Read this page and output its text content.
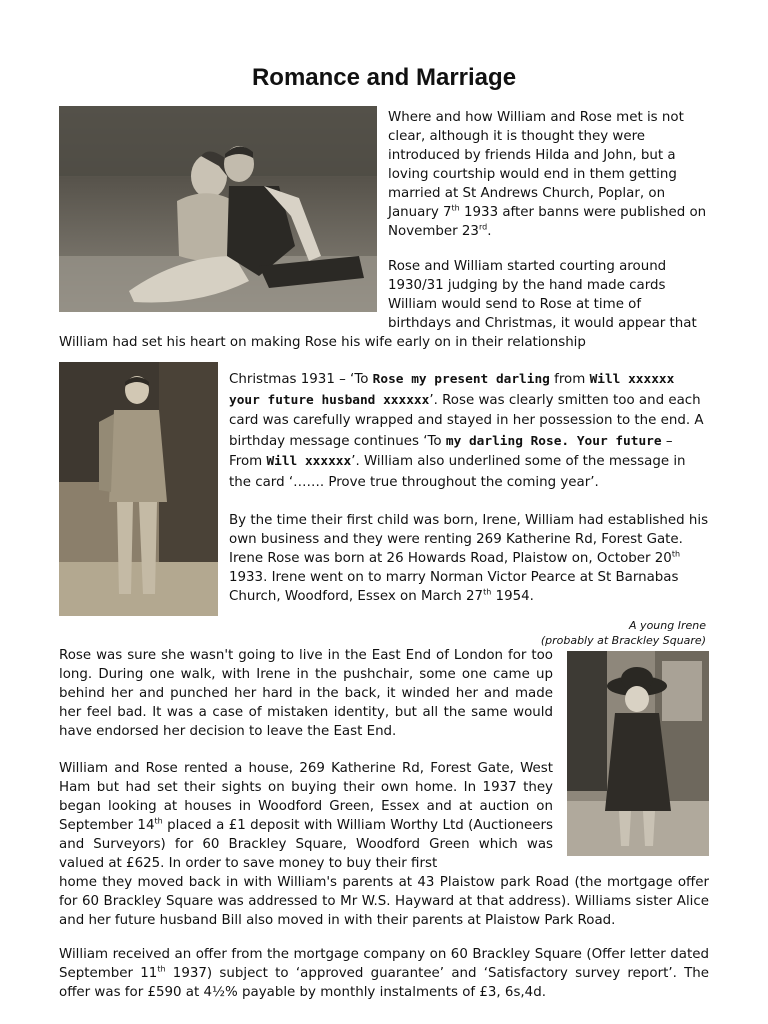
Romance and Marriage
Where and how William and Rose met is not clear, although it is thought they were introduced by friends Hilda and John, but a loving courtship would end in them getting married at St Andrews Church, Poplar, on January 7th 1933 after banns were published on November 23rd.
Rose and William started courting around 1930/31 judging by the hand made cards William would send to Rose at time of birthdays and Christmas, it would appear that
William had set his heart on making Rose his wife early on in their relationship
Christmas 1931 – ‘To Rose my present darling from Will xxxxxx your future husband xxxxxx’. Rose was clearly smitten too and each card was carefully wrapped and stayed in her possession to the end. A birthday message continues ‘To my darling Rose. Your future – From Will xxxxxx’. William also underlined some of the message in the card ‘……. Prove true throughout the coming year’.
By the time their first child was born, Irene, William had established his own business and they were renting 269 Katherine Rd, Forest Gate. Irene Rose was born at 26 Howards Road, Plaistow on, October 20th 1933. Irene went on to marry Norman Victor Pearce at St Barnabas Church, Woodford, Essex on March 27th 1954.
A young Irene
(probably at Brackley Square)
Rose was sure she wasn't going to live in the East End of London for too long. During one walk, with Irene in the pushchair, some one came up behind her and punched her hard in the back, it winded her and made her feel bad. It was a case of mistaken identity, but all the same would have endorsed her decision to leave the East End.
William and Rose rented a house, 269 Katherine Rd, Forest Gate, West Ham but had set their sights on buying their own home. In 1937 they began looking at houses in Woodford Green, Essex and at auction on September 14th placed a £1 deposit with William Worthy Ltd (Auctioneers and Surveyors) for 60 Brackley Square, Woodford Green which was valued at £625. In order to save money to buy their first
home they moved back in with William's parents at 43 Plaistow park Road (the mortgage offer for 60 Brackley Square was addressed to Mr W.S. Hayward at that address). Williams sister Alice and her future husband Bill also moved in with their parents at Plaistow Park Road.
William received an offer from the mortgage company on 60 Brackley Square (Offer letter dated September 11th 1937) subject to ‘approved guarantee’ and ‘Satisfactory survey report’. The offer was for £590 at 4½% payable by monthly instalments of £3, 6s,4d.
